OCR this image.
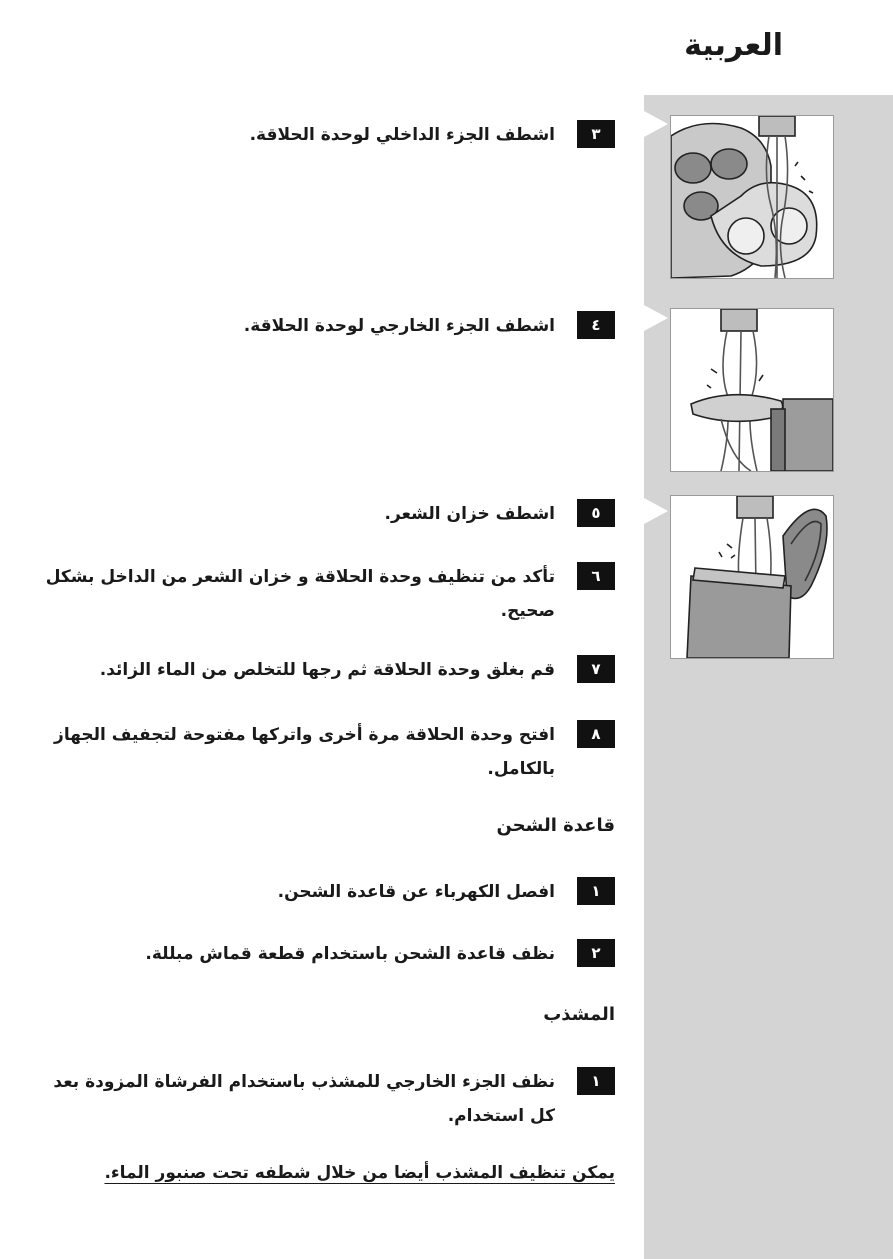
العربية
٣
اشطف الجزء الداخلي لوحدة الحلاقة.
٤
اشطف الجزء الخارجي لوحدة الحلاقة.
٥
اشطف خزان الشعر.
٦
تأكد من تنظيف وحدة الحلاقة و خزان الشعر من الداخل بشكل صحيح.
٧
قم بغلق وحدة الحلاقة ثم رجها للتخلص من الماء الزائد.
٨
افتح وحدة الحلاقة مرة أخرى واتركها مفتوحة لتجفيف الجهاز بالكامل.
قاعدة الشحن
١
افصل الكهرباء عن قاعدة الشحن.
٢
نظف قاعدة الشحن باستخدام قطعة قماش مبللة.
المشذب
١
نظف الجزء الخارجي للمشذب باستخدام الفرشاة المزودة بعد كل استخدام.
يمكن تنظيف المشذب أيضا من خلال شطفه تحت صنبور الماء.
